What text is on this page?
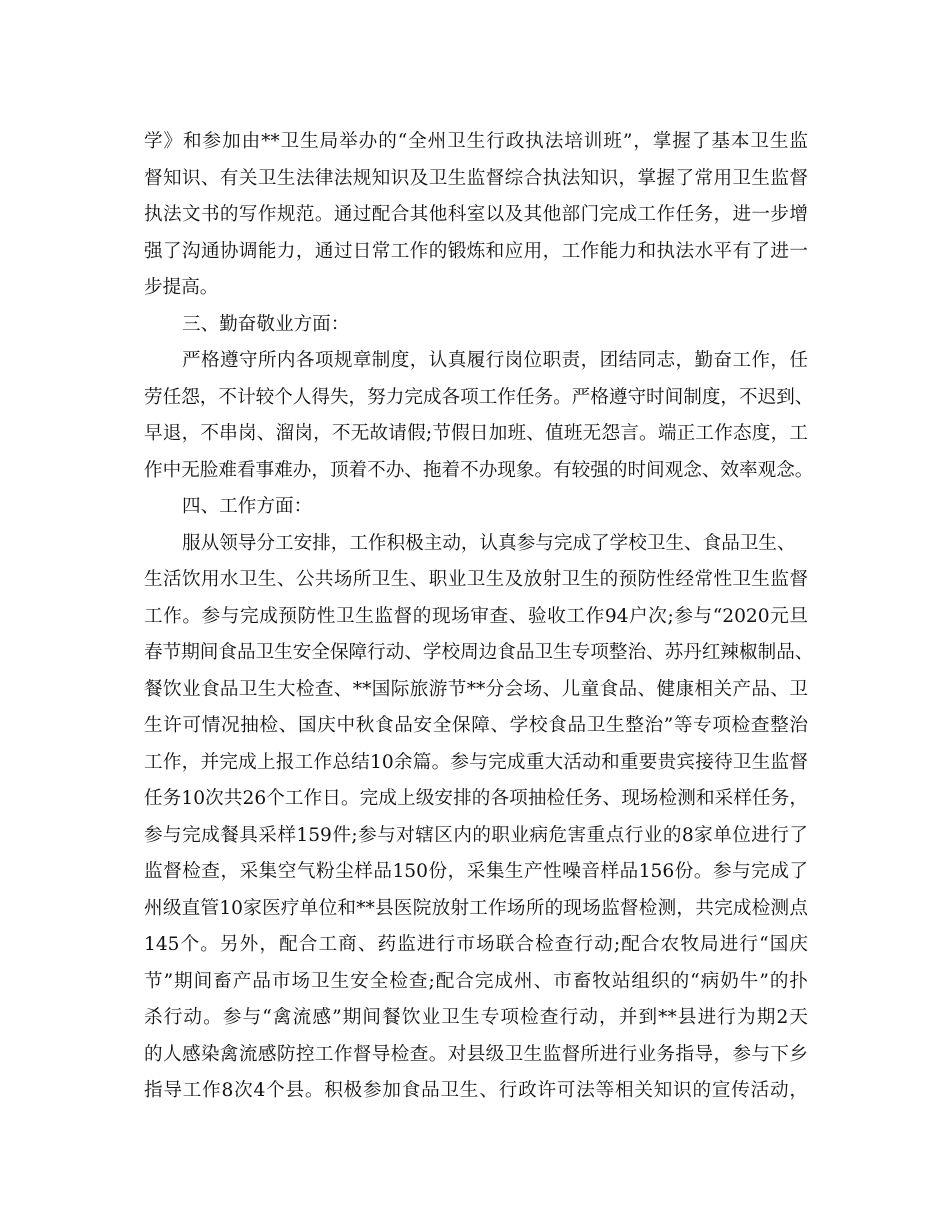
学》和参加由**卫生局举办的“全州卫生行政执法培训班”，掌握了基本卫生监
督知识、有关卫生法律法规知识及卫生监督综合执法知识，掌握了常用卫生监督
执法文书的写作规范。通过配合其他科室以及其他部门完成工作任务，进一步增
强了沟通协调能力，通过日常工作的锻炼和应用，工作能力和执法水平有了进一
步提高。
三、勤奋敬业方面：
严格遵守所内各项规章制度，认真履行岗位职责，团结同志，勤奋工作，任
劳任怨，不计较个人得失，努力完成各项工作任务。严格遵守时间制度，不迟到、
早退，不串岗、溜岗，不无故请假;节假日加班、值班无怨言。端正工作态度，工
作中无脸难看事难办，顶着不办、拖着不办现象。有较强的时间观念、效率观念。
四、工作方面：
服从领导分工安排，工作积极主动，认真参与完成了学校卫生、食品卫生、
生活饮用水卫生、公共场所卫生、职业卫生及放射卫生的预防性经常性卫生监督
工作。参与完成预防性卫生监督的现场审查、验收工作94户次;参与“2020元旦
春节期间食品卫生安全保障行动、学校周边食品卫生专项整治、苏丹红辣椒制品、
餐饮业食品卫生大检查、**国际旅游节**分会场、儿童食品、健康相关产品、卫
生许可情况抽检、国庆中秋食品安全保障、学校食品卫生整治”等专项检查整治
工作，并完成上报工作总结10余篇。参与完成重大活动和重要贵宾接待卫生监督
任务10次共26个工作日。完成上级安排的各项抽检任务、现场检测和采样任务，
参与完成餐具采样159件;参与对辖区内的职业病危害重点行业的8家单位进行了
监督检查，采集空气粉尘样品150份，采集生产性噪音样品156份。参与完成了
州级直管10家医疗单位和**县医院放射工作场所的现场监督检测，共完成检测点
145个。另外，配合工商、药监进行市场联合检查行动;配合农牧局进行“国庆
节”期间畜产品市场卫生安全检查;配合完成州、市畜牧站组织的“病奶牛”的扑
杀行动。参与“禽流感”期间餐饮业卫生专项检查行动，并到**县进行为期2天
的人感染禽流感防控工作督导检查。对县级卫生监督所进行业务指导，参与下乡
指导工作8次4个县。积极参加食品卫生、行政许可法等相关知识的宣传活动，
